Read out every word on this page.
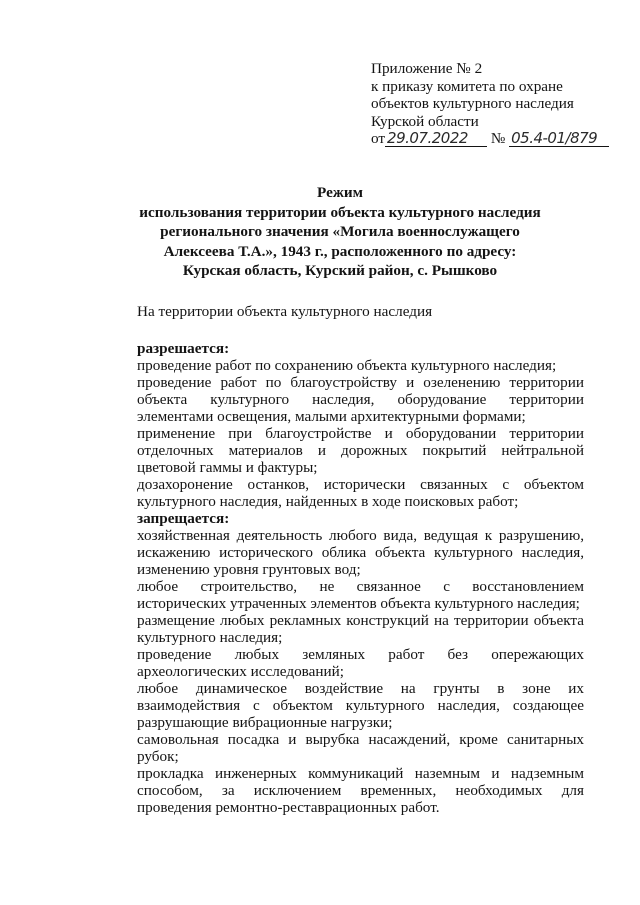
Приложение № 2
к приказу комитета по охране
объектов культурного наследия
Курской области
от 29.07.2022 № 05.4-01/879
Режим
использования территории объекта культурного наследия
регионального значения «Могила военнослужащего
Алексеева Т.А.», 1943 г., расположенного по адресу:
Курская область, Курский район, с. Рышково
На территории объекта культурного наследия
разрешается:
проведение работ по сохранению объекта культурного наследия;
проведение работ по благоустройству и озеленению территории объекта культурного наследия, оборудование территории элементами освещения, малыми архитектурными формами;
применение при благоустройстве и оборудовании территории отделочных материалов и дорожных покрытий нейтральной цветовой гаммы и фактуры;
дозахоронение останков, исторически связанных с объектом культурного наследия, найденных в ходе поисковых работ;
запрещается:
хозяйственная деятельность любого вида, ведущая к разрушению, искажению исторического облика объекта культурного наследия, изменению уровня грунтовых вод;
любое строительство, не связанное с восстановлением исторических утраченных элементов объекта культурного наследия;
размещение любых рекламных конструкций на территории объекта культурного наследия;
проведение любых земляных работ без опережающих археологических исследований;
любое динамическое воздействие на грунты в зоне их взаимодействия с объектом культурного наследия, создающее разрушающие вибрационные нагрузки;
самовольная посадка и вырубка насаждений, кроме санитарных рубок;
прокладка инженерных коммуникаций наземным и надземным способом, за исключением временных, необходимых для проведения ремонтно-реставрационных работ.
